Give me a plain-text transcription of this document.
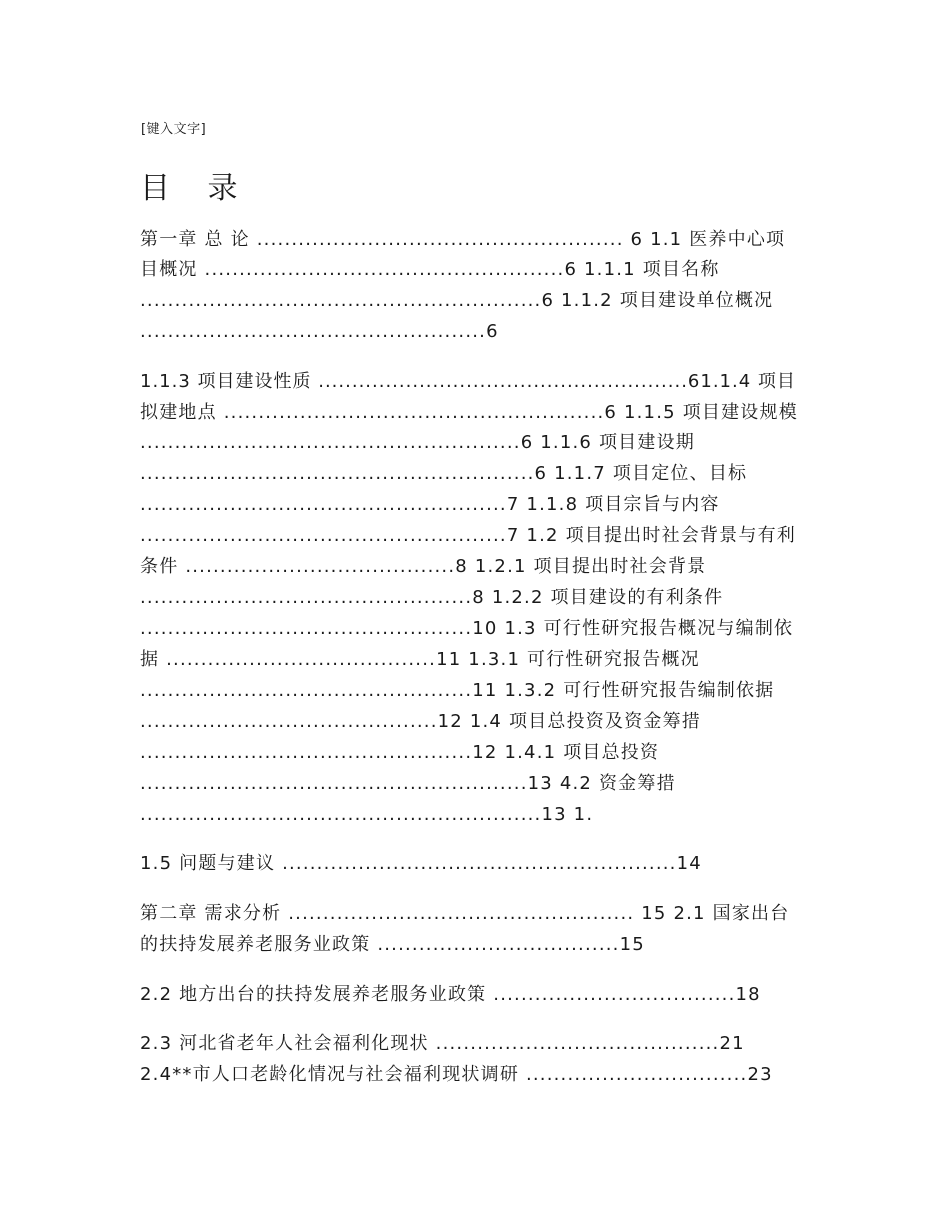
[键入文字]
目 录
第一章 总 论 ..................................................... 6 1.1 医养中心项
目概况 ....................................................6 1.1.1 项目名称
..........................................................6 1.1.2 项目建设单位概况
..................................................6
1.1.3 项目建设性质 .......................................................61.1.4 项目
拟建地点 .......................................................6 1.1.5 项目建设规模
.......................................................6 1.1.6 项目建设期
.........................................................6 1.1.7 项目定位、目标
.....................................................7 1.1.8 项目宗旨与内容
.....................................................7 1.2 项目提出时社会背景与有利
条件 .......................................8 1.2.1 项目提出时社会背景
................................................8 1.2.2 项目建设的有利条件
................................................10 1.3 可行性研究报告概况与编制依
据 .......................................11 1.3.1 可行性研究报告概况
................................................11 1.3.2 可行性研究报告编制依据
...........................................12 1.4 项目总投资及资金筹措
................................................12 1.4.1 项目总投资
........................................................13 4.2 资金筹措
..........................................................13 1.
1.5 问题与建议 .........................................................14
第二章 需求分析 .................................................. 15 2.1 国家出台
的扶持发展养老服务业政策 ...................................15
2.2 地方出台的扶持发展养老服务业政策 ...................................18
2.3 河北省老年人社会福利化现状 .........................................21
2.4**市人口老龄化情况与社会福利现状调研 ................................23
